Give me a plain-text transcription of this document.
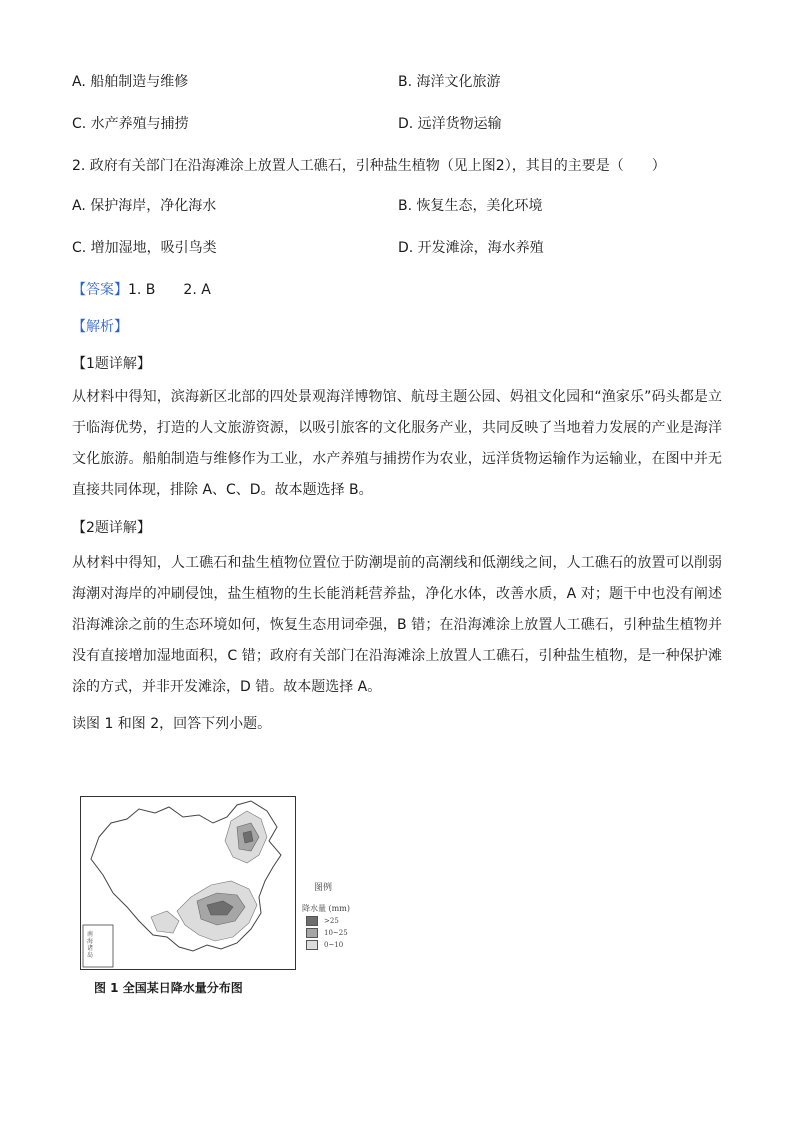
A. 船舶制造与维修	B. 海洋文化旅游
C. 水产养殖与捕捞	D. 远洋货物运输
2. 政府有关部门在沿海滩涂上放置人工礁石，引种盐生植物（见上图2），其目的主要是（　　）
A. 保护海岸，净化海水	B. 恢复生态，美化环境
C. 增加湿地，吸引鸟类	D. 开发滩涂，海水养殖
【答案】1. B　　2. A
【解析】
【1题详解】
从材料中得知，滨海新区北部的四处景观海洋博物馆、航母主题公园、妈祖文化园和“渔家乐”码头都是立于临海优势，打造的人文旅游资源，以吸引旅客的文化服务产业，共同反映了当地着力发展的产业是海洋文化旅游。船舶制造与维修作为工业，水产养殖与捕捞作为农业，远洋货物运输作为运输业，在图中并无直接共同体现，排除 A、C、D。故本题选择 B。
【2题详解】
从材料中得知，人工礁石和盐生植物位置位于防潮堤前的高潮线和低潮线之间，人工礁石的放置可以削弱海潮对海岸的冲刷侵蚀，盐生植物的生长能消耗营养盐，净化水体，改善水质，A 对；题干中也没有阐述沿海滩涂之前的生态环境如何，恢复生态用词牵强，B 错；在沿海滩涂上放置人工礁石，引种盐生植物并没有直接增加湿地面积，C 错；政府有关部门在沿海滩涂上放置人工礁石，引种盐生植物，是一种保护滩涂的方式，并非开发滩涂，D 错。故本题选择 A。
读图 1 和图 2，回答下列小题。
南海诸岛
图例
降水量 (mm)
>25
10~25
0~10
图 1 全国某日降水量分布图
